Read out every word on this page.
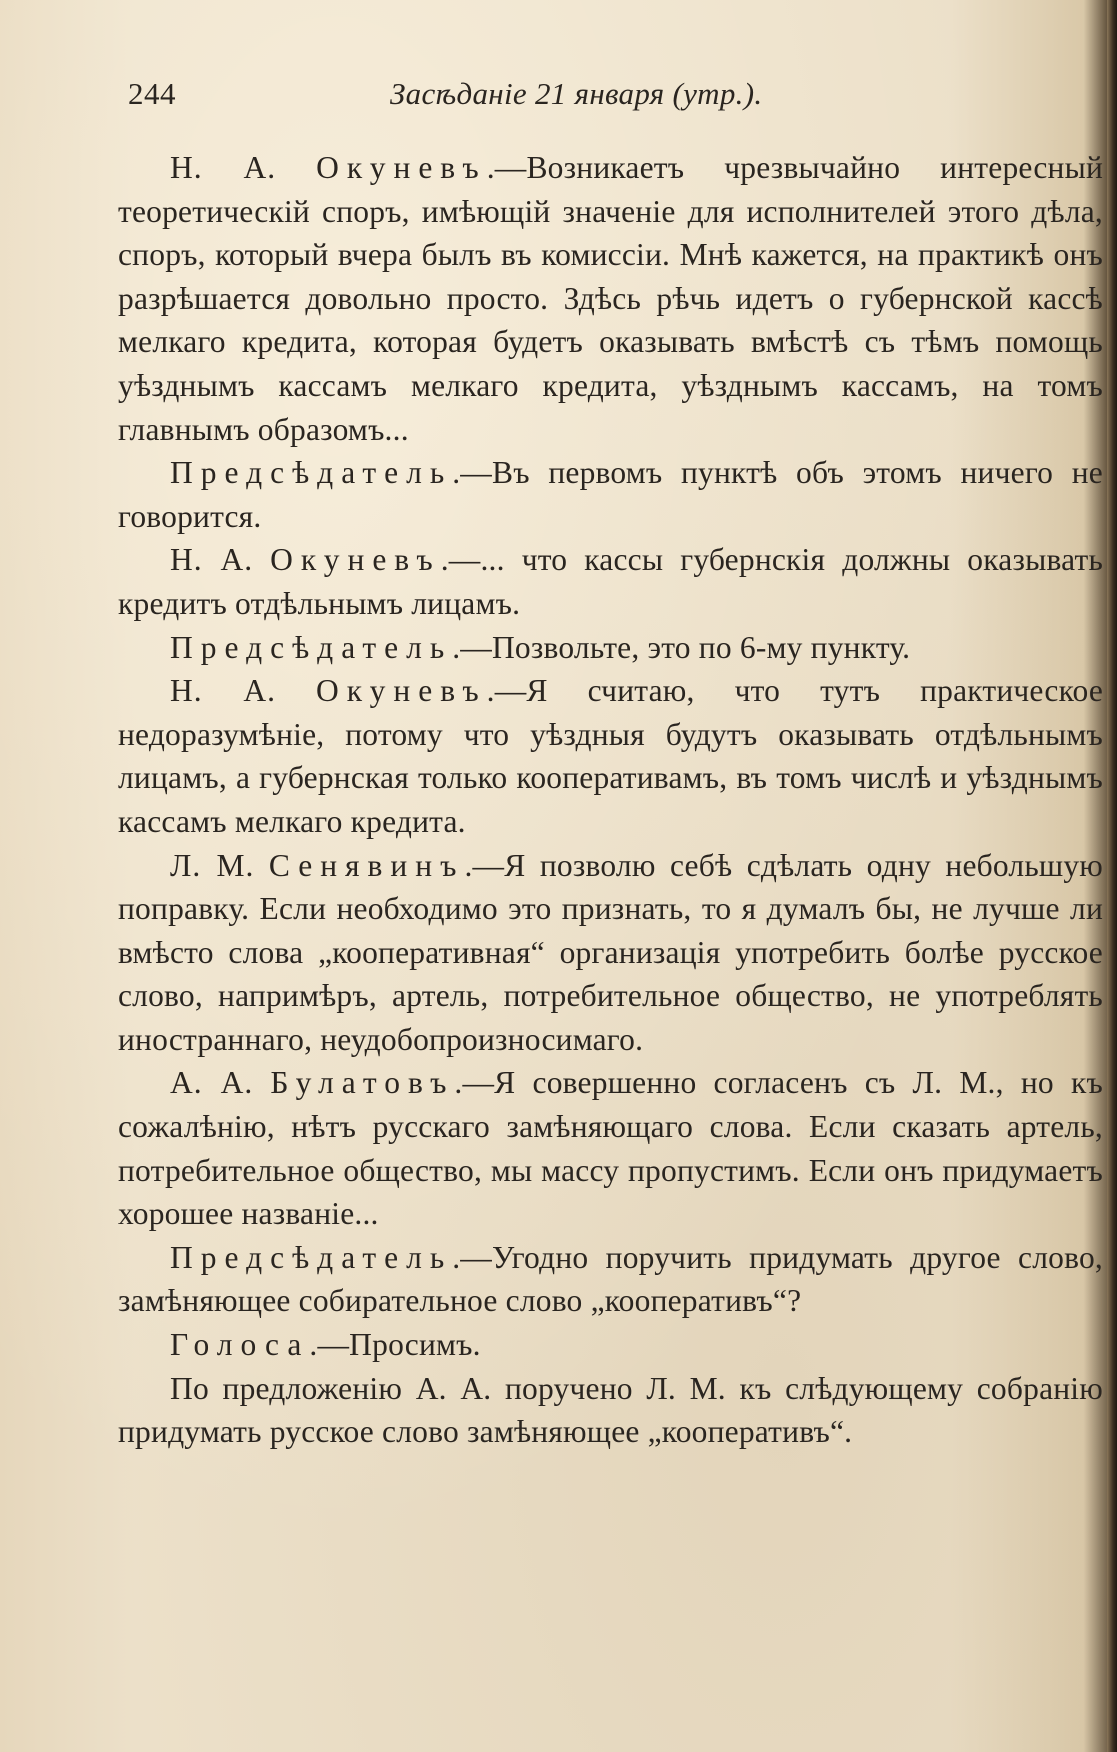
244	Засѣданіе 21 января (утр.).

Н. А. Окуневъ.—Возникаетъ чрезвычайно интересный теоретическій споръ, имѣющій значеніе для исполнителей этого дѣла, споръ, который вчера былъ въ комиссіи. Мнѣ кажется, на практикѣ онъ разрѣшается довольно просто. Здѣсь рѣчь идетъ о губернской кассѣ мелкаго кредита, которая будетъ оказывать вмѣстѣ съ тѣмъ помощь уѣзднымъ кассамъ мелкаго кредита, уѣзднымъ кассамъ, на томъ главнымъ образомъ...

Предсѣдатель.—Въ первомъ пунктѣ объ этомъ ничего не говорится.

Н. А. Окуневъ.—... что кассы губернскія должны оказывать кредитъ отдѣльнымъ лицамъ.

Предсѣдатель.—Позвольте, это по 6-му пункту.

Н. А. Окуневъ.—Я считаю, что тутъ практическое недоразумѣніе, потому что уѣздныя будутъ оказывать отдѣльнымъ лицамъ, а губернская только кооперативамъ, въ томъ числѣ и уѣзднымъ кассамъ мелкаго кредита.

Л. М. Сенявинъ.—Я позволю себѣ сдѣлать одну небольшую поправку. Если необходимо это признать, то я думалъ бы, не лучше ли вмѣсто слова „кооперативная“ организація употребить болѣе русское слово, напримѣръ, артель, потребительное общество, не употреблять иностраннаго, неудобопроизносимаго.

А. А. Булатовъ.—Я совершенно согласенъ съ Л. М., но къ сожалѣнію, нѣтъ русскаго замѣняющаго слова. Если сказать артель, потребительное общество, мы массу пропустимъ. Если онъ придумаетъ хорошее названіе...

Предсѣдатель.—Угодно поручить придумать другое слово, замѣняющее собирательное слово „кооперативъ“?

Голоса.—Просимъ.

По предложенію А. А. поручено Л. М. къ слѣдующему собранію придумать русское слово замѣняющее „кооперативъ“.
